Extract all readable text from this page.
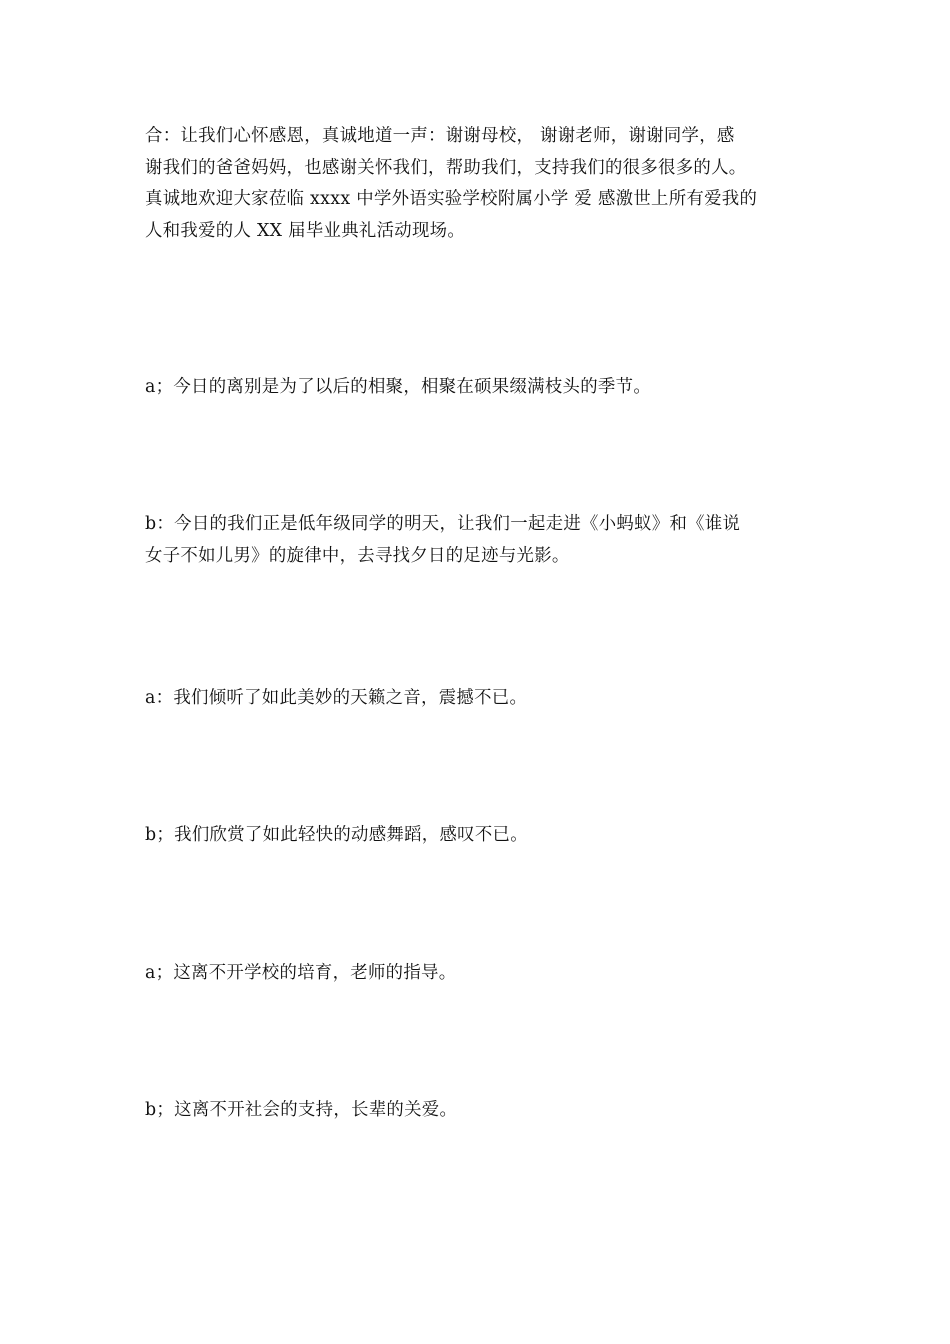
合：让我们心怀感恩，真诚地道一声：谢谢母校， 谢谢老师，谢谢同学，感
谢我们的爸爸妈妈，也感谢关怀我们，帮助我们，支持我们的很多很多的人。
真诚地欢迎大家莅临 xxxx 中学外语实验学校附属小学 爱 感激世上所有爱我的
人和我爱的人 XX 届毕业典礼活动现场。

a；今日的离别是为了以后的相聚，相聚在硕果缀满枝头的季节。

b：今日的我们正是低年级同学的明天，让我们一起走进《小蚂蚁》和《谁说
女子不如儿男》的旋律中，去寻找夕日的足迹与光影。

a：我们倾听了如此美妙的天籁之音，震撼不已。

b；我们欣赏了如此轻快的动感舞蹈，感叹不已。

a；这离不开学校的培育，老师的指导。

b；这离不开社会的支持，长辈的关爱。
